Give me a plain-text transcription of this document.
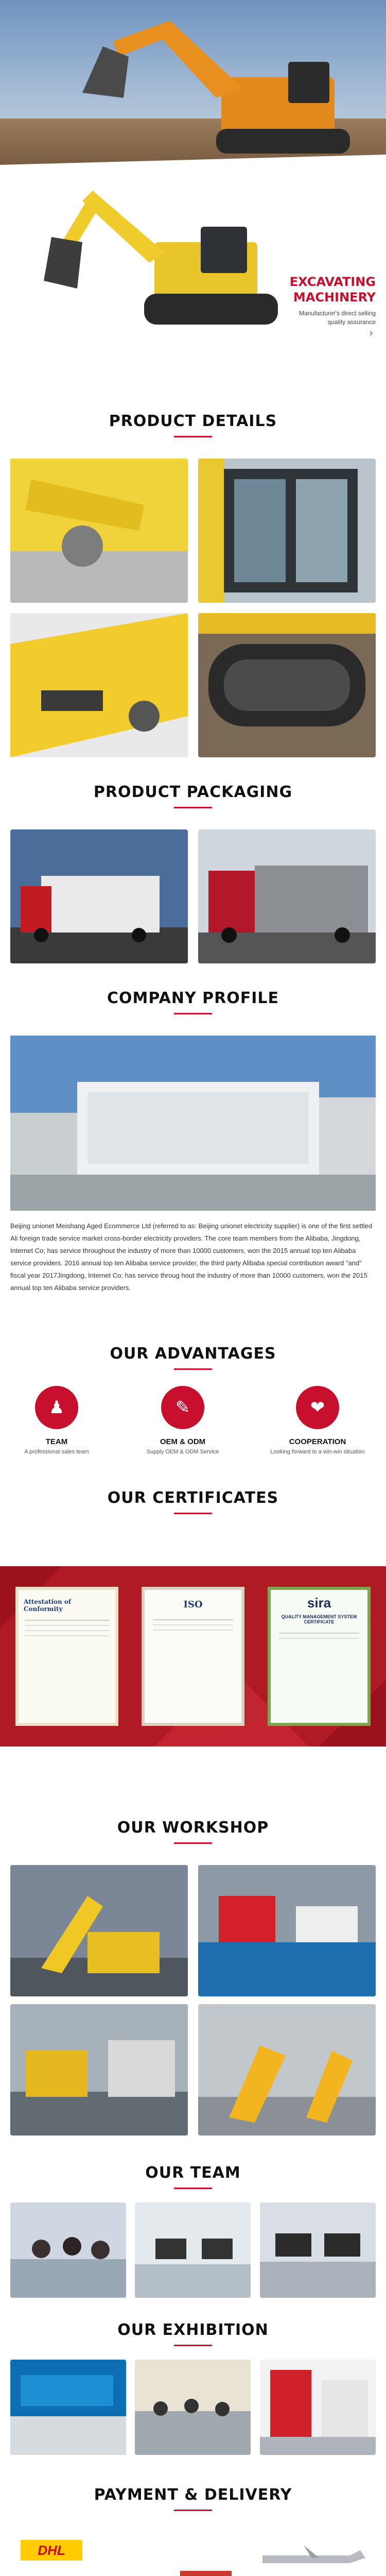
EXCAVATING
MACHINERY
Manufacturer's direct selling
quality assurance
›
PRODUCT DETAILS
PRODUCT PACKAGING
COMPANY PROFILE
Beijing unionet Meishang Aged Ecommerce Ltd (referred to as: Beijing unionet electricity supplier) is one of the first settled Ali foreign trade service market cross-border electricity providers. The core team members from the Alibaba, Jingdong, Internet Co; has service throughout the industry of more than 10000 customers, won the 2015 annual top ten Alibaba service providers. 2016 annual top ten Alibaba service provider, the third party Alibaba special contribution award "and" fiscal year 2017Jingdong, Internet Co; has service throug hout the industry of more than 10000 customers, won the 2015 annual top ten Alibaba service providers.
OUR ADVANTAGES
♟
TEAM
A professional sales team
✎
OEM & ODM
Supply OEM & ODM Service
❤
COOPERATION
Looking forward to a win-win situation
OUR CERTIFICATES
Attestation of Conformity	ISO	sira
QUALITY MANAGEMENT SYSTEM CERTIFICATE
OUR WORKSHOP
OUR TEAM
OUR EXHIBITION
PAYMENT & DELIVERY
DHL
